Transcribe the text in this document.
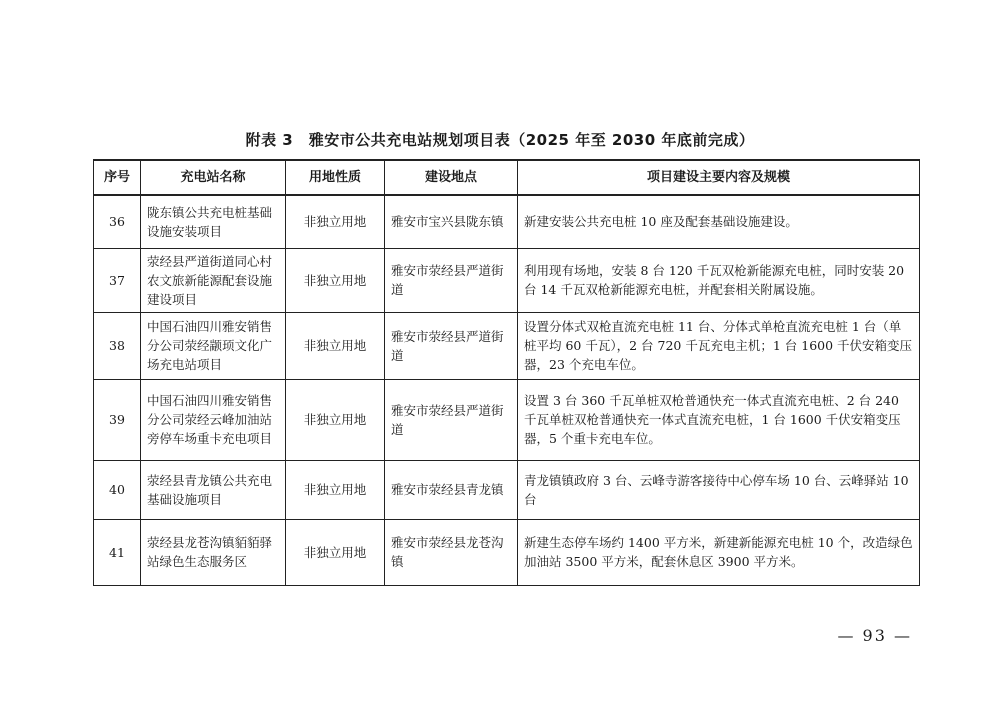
附表 3　雅安市公共充电站规划项目表（2025 年至 2030 年底前完成）
序号	充电站名称	用地性质	建设地点	项目建设主要内容及规模
36	陇东镇公共充电桩基础设施安装项目	非独立用地	雅安市宝兴县陇东镇	新建安装公共充电桩 10 座及配套基础设施建设。
37	荥经县严道街道同心村农文旅新能源配套设施建设项目	非独立用地	雅安市荥经县严道街道	利用现有场地，安装 8 台 120 千瓦双枪新能源充电桩，同时安装 20 台 14 千瓦双枪新能源充电桩，并配套相关附属设施。
38	中国石油四川雅安销售分公司荥经颛顼文化广场充电站项目	非独立用地	雅安市荥经县严道街道	设置分体式双枪直流充电桩 11 台、分体式单枪直流充电桩 1 台（单桩平均 60 千瓦），2 台 720 千瓦充电主机；1 台 1600 千伏安箱变压器，23 个充电车位。
39	中国石油四川雅安销售分公司荥经云峰加油站旁停车场重卡充电项目	非独立用地	雅安市荥经县严道街道	设置 3 台 360 千瓦单桩双枪普通快充一体式直流充电桩、2 台 240 千瓦单桩双枪普通快充一体式直流充电桩，1 台 1600 千伏安箱变压器，5 个重卡充电车位。
40	荥经县青龙镇公共充电基础设施项目	非独立用地	雅安市荥经县青龙镇	青龙镇镇政府 3 台、云峰寺游客接待中心停车场 10 台、云峰驿站 10 台
41	荥经县龙苍沟镇貊貊驿站绿色生态服务区	非独立用地	雅安市荥经县龙苍沟镇	新建生态停车场约 1400 平方米，新建新能源充电桩 10 个，改造绿色加油站 3500 平方米，配套休息区 3900 平方米。
— 93 —
